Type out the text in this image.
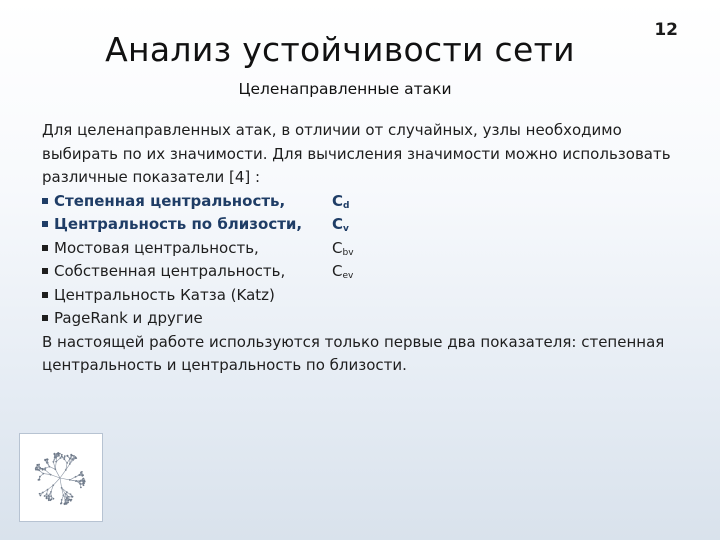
12
Анализ устойчивости сети
Целенаправленные атаки

Для целенаправленных атак, в отличии от случайных, узлы необходимо выбирать по их значимости. Для вычисления значимости можно использовать различные показатели [4] :

Степенная центральность,	Cd
Центральность по близости,	Cv
Мостовая центральность,	Cbv
Собственная центральность,	Cev
Центральность Катза (Katz)
PageRank и другие

В настоящей работе используются только первые два показателя: степенная центральность и центральность по близости.
